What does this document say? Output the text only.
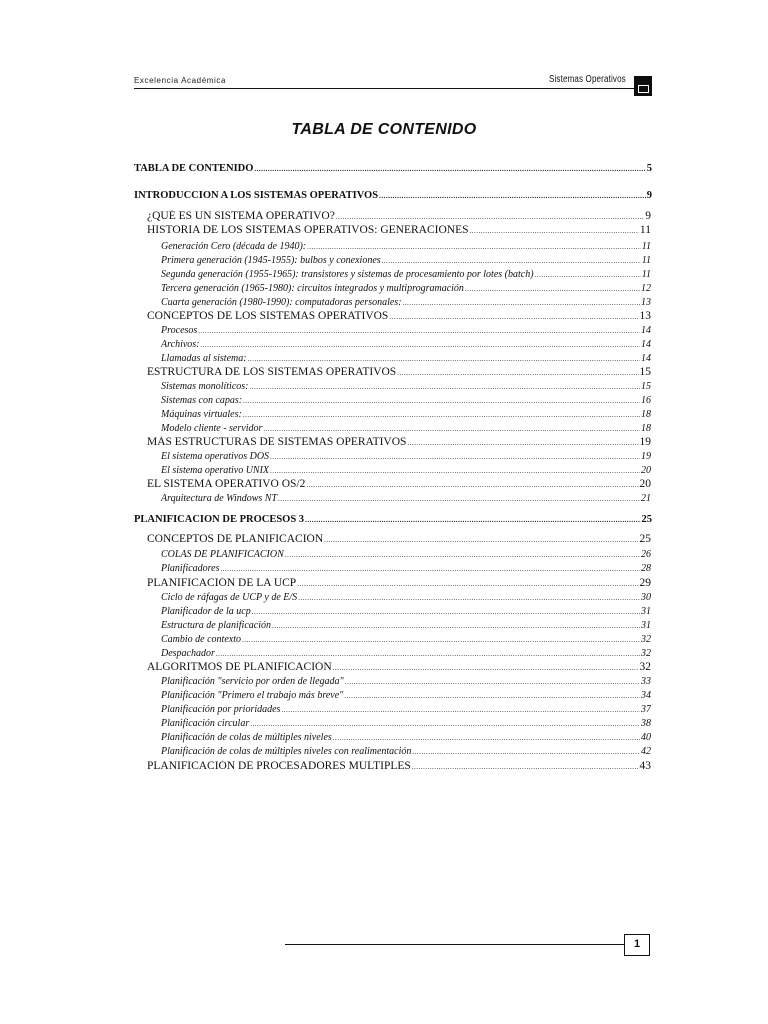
Excelencia Académica	Sistemas Operativos
TABLA DE CONTENIDO
TABLA DE CONTENIDO .....	5
INTRODUCCION A LOS SISTEMAS OPERATIVOS .....	9
¿QUÉ ES UN SISTEMA OPERATIVO? .....	9
HISTORIA DE LOS SISTEMAS OPERATIVOS: GENERACIONES .....	11
Generación Cero (década de 1940): .....	11
Primera generación (1945-1955): bulbos y conexiones .....	11
Segunda generación (1955-1965): transistores y sistemas de procesamiento por lotes (batch) .....	11
Tercera generación (1965-1980): circuitos integrados y multiprogramación .....	12
Cuarta generación (1980-1990): computadoras personales: .....	13
CONCEPTOS DE LOS SISTEMAS OPERATIVOS .....	13
Procesos .....	14
Archivos: .....	14
Llamadas al sistema: .....	14
ESTRUCTURA DE LOS SISTEMAS OPERATIVOS .....	15
Sistemas monolíticos: .....	15
Sistemas con capas: .....	16
Máquinas virtuales: .....	18
Modelo cliente - servidor .....	18
MÁS ESTRUCTURAS DE SISTEMAS OPERATIVOS .....	19
El sistema operativos DOS .....	19
El sistema operativo UNIX .....	20
EL SISTEMA OPERATIVO OS/2 .....	20
Arquitectura de Windows NT .....	21
PLANIFICACION DE PROCESOS 3 .....	25
CONCEPTOS DE PLANIFICACIÓN .....	25
COLAS DE PLANIFICACIÓN .....	26
Planificadores .....	28
PLANIFICACIÓN DE LA UCP .....	29
Ciclo de ráfagas de UCP y de E/S .....	30
Planificador de la ucp .....	31
Estructura de planificación .....	31
Cambio de contexto .....	32
Despachador .....	32
ALGORITMOS DE PLANIFICACIÓN .....	32
Planificación "servicio por orden de llegada" .....	33
Planificación "Primero el trabajo más breve" .....	34
Planificación por prioridades .....	37
Planificación circular .....	38
Planificación de colas de múltiples niveles .....	40
Planificación de colas de múltiples niveles con realimentación .....	42
PLANIFICACIÓN DE PROCESADORES MÚLTIPLES .....	43
1
